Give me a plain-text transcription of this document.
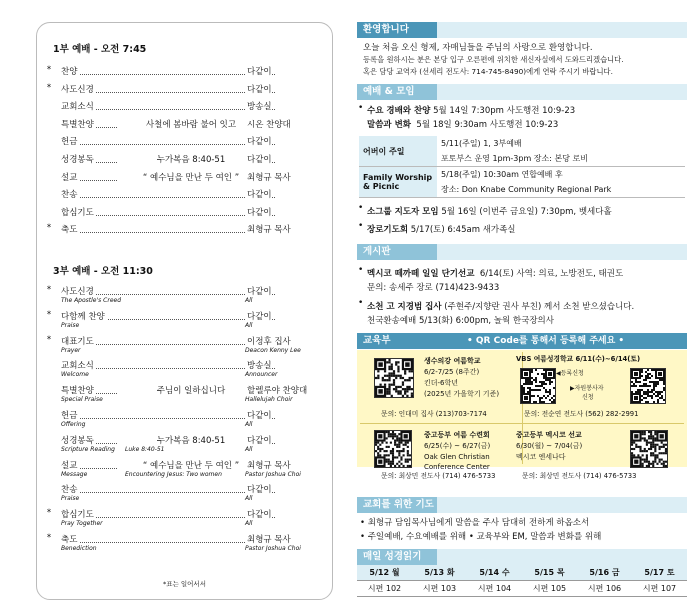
1부 예배 - 오전 7:45
* 찬양	다같이
* 사도신경	다같이
교회소식	방송실
특별찬양	사철에 봄바람 불어 잇고	시온 찬양대
헌금	다같이
성경봉독	누가복음 8:40-51	다같이
설교	“ 예수님을 만난 두 여인 ” 최형규 목사
찬송	다같이
합심기도	다같이
* 축도	최형규 목사
3부 예배 - 오전 11:30
* 사도신경	다같이
The Apostle's Creed	All
* 다함께 찬양	다같이
Praise	All
* 대표기도	이정후 집사
Prayer	Deacon Kenny Lee
교회소식	방송실
Welcome	Announcer
특별찬양	주님이 일하십니다	할렐루야 찬양대
Special Praise	Hallelujah Choir
헌금	다같이
Offering	All
성경봉독	누가복음 8:40-51	다같이
Scripture Reading Luke 8:40-51	All
설교	“ 예수님을 만난 두 여인 ” 최형규 목사
Message	Encountering Jesus: Two women	Pastor Joshua Choi
찬송	다같이
Praise	All
* 합심기도	다같이
Pray Together	All
* 축도	최형규 목사
Benediction	Pastor Joshua Choi
*표는 일어서서
환영합니다
오늘 처음 오신 형제, 자매님들을 주님의 사랑으로 환영합니다.
등록을 원하시는 분은 본당 입구 오른편에 위치한 새신자실에서 도와드리겠습니다.
혹은 담당 교역자 (선세리 전도사: 714-745-8490)에게 연락 주시기 바랍니다.
예배 & 모임
• 수요 경배와 찬양 5월 14일 7:30pm 사도행전 10:9-23
말씀과 변화 5월 18일 9:30am 사도행전 10:9-23
어버이 주일	5/11(주일) 1, 3부예배
	포토부스 운영 1pm-3pm 장소: 본당 로비
Family Worship & Picnic	5/18(주일) 10:30am 연합예배 후
	장소: Don Knabe Community Regional Park
• 소그룹 지도자 모임 5월 16일 (이번주 금요일) 7:30pm, 벳세다홀
• 장로기도회 5/17(토) 6:45am 새가족실
게시판
• 멕시코 떼까떼 일일 단기선교 6/14(토) 사역: 의료, 노방전도, 태권도
문의: 송세주 장로 (714)423-9433
• 소천 고 지경범 집사 (주현주/지향란 권사 부친) 께서 소천 받으셨습니다.
천국환송예배 5/13(화) 6:00pm, 놀웍 한국장의사
교육부	• QR Code를 통해서 등록해 주세요 •
생수의강 여름학교
6/2-7/25 (8주간)
킨더-6학년
(2025년 가을학기 기준)
문의: 인대미 집사 (213)703-7174
VBS 여름성경학교 6/11(수)~6/14(토)
◀등록신청
▶자원봉사자
신청
문의: 전순연 전도사 (562) 282-2991
중고등부 여름 수련회
6/25(수) ~ 6/27(금)
Oak Glen Christian
Conference Center
중고등부 멕시코 선교
6/30(월) ~ 7/04(금)
멕시코 엔세나다
문의: 최상민 전도사 (714) 476-5733	문의: 최상민 전도사 (714) 476-5733
교회를 위한 기도
• 최형규 담임목사님에게 말씀을 주사 담대히 전하게 하옵소서
• 주일예배, 수요예배를 위해 • 교육부와 EM, 말씀과 변화를 위해
매일 성경읽기
5/12 월	5/13 화	5/14 수	5/15 목	5/16 금	5/17 토
시편 102	시편 103	시편 104	시편 105	시편 106	시편 107
